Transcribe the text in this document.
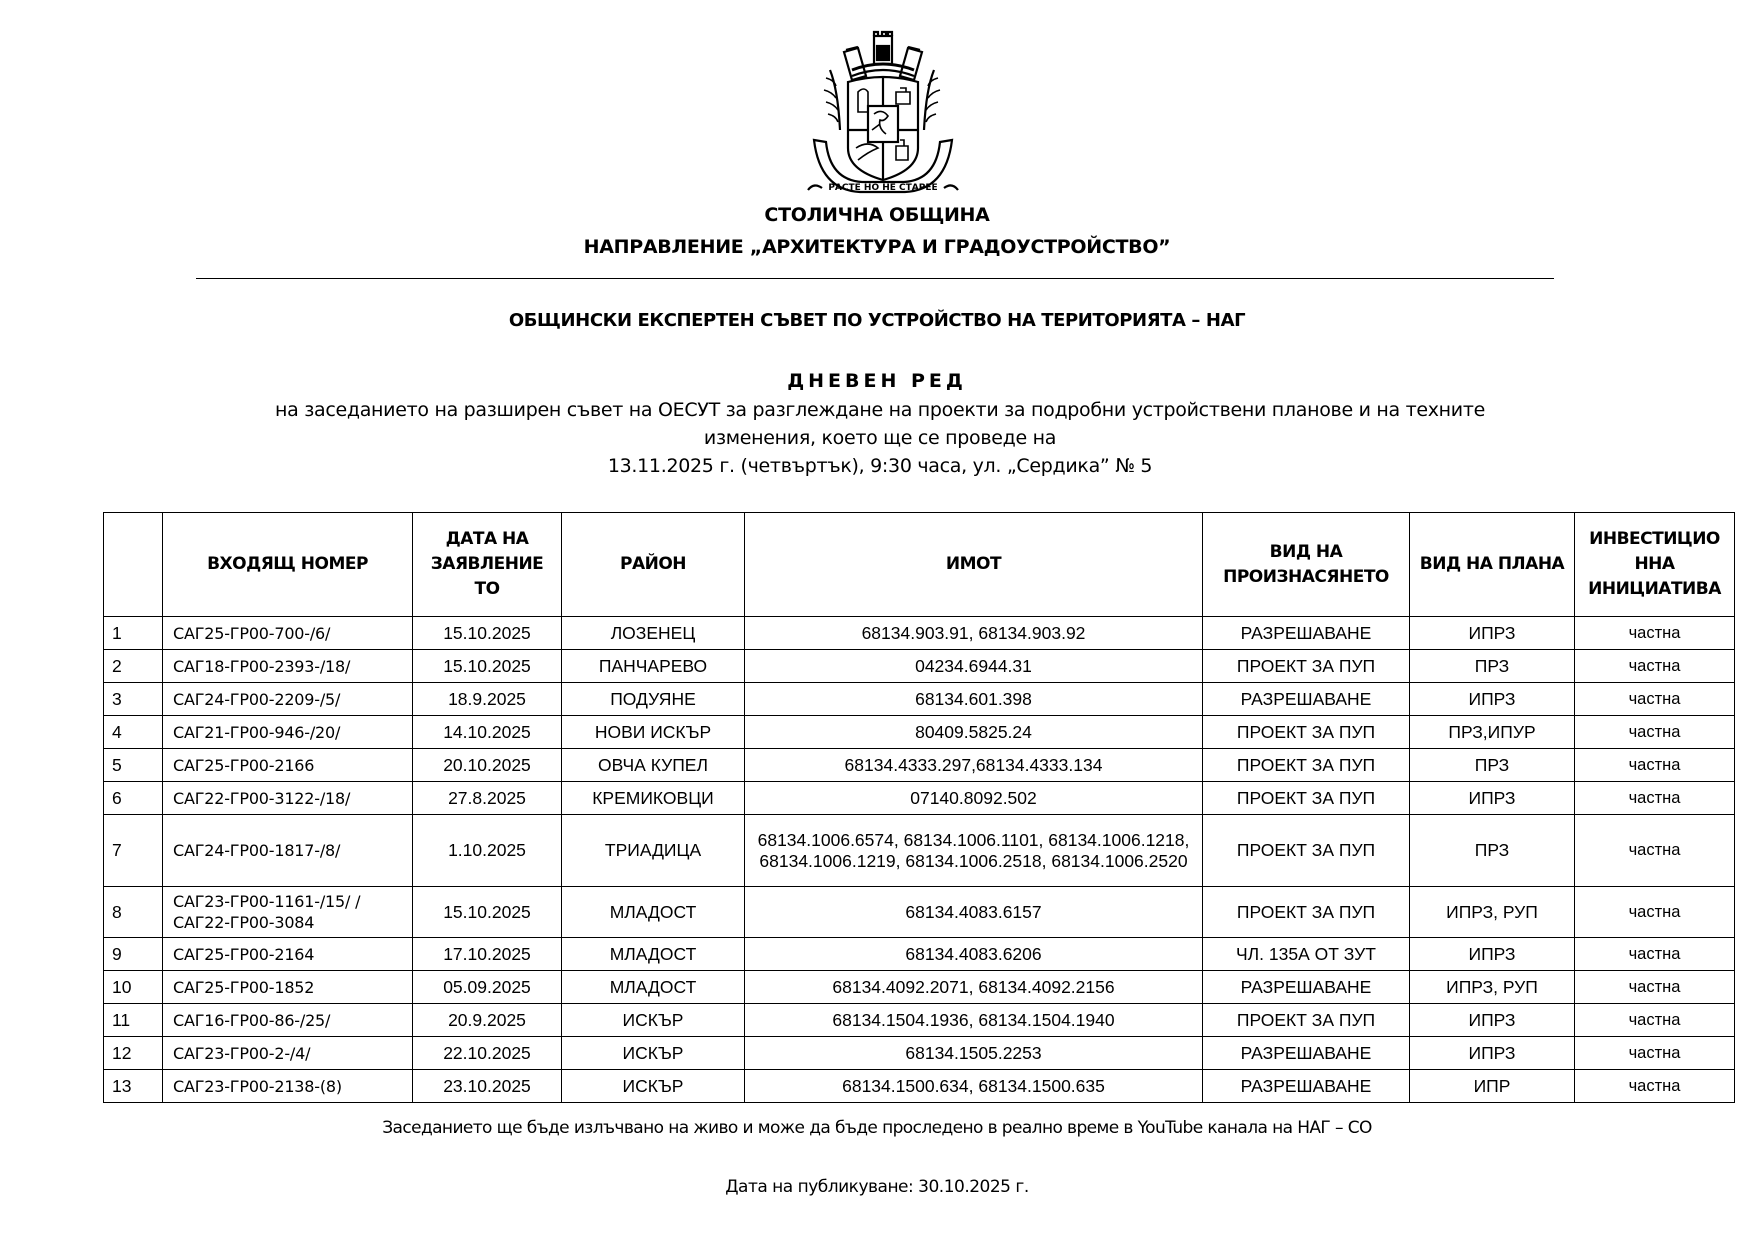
РАСТЕ НО НЕ СТАРЕЕ
СТОЛИЧНА ОБЩИНА
НАПРАВЛЕНИЕ „АРХИТЕКТУРА И ГРАДОУСТРОЙСТВО”
ОБЩИНСКИ ЕКСПЕРТЕН СЪВЕТ ПО УСТРОЙСТВО НА ТЕРИТОРИЯТА – НАГ
ДНЕВЕН РЕД
на заседанието на разширен съвет на ОЕСУТ за разглеждане на проекти за подробни устройствени планове и на техните
изменения, което ще се проведе на
13.11.2025 г. (четвъртък), 9:30 часа, ул. „Сердика” № 5
	ВХОДЯЩ НОМЕР	ДАТА НА ЗАЯВЛЕНИЕ ТО	РАЙОН	ИМОТ	ВИД НА ПРОИЗНАСЯНЕТО	ВИД НА ПЛАНА	ИНВЕСТИЦИО ННА ИНИЦИАТИВА
1	САГ25-ГР00-700-/6/	15.10.2025	ЛОЗЕНЕЦ	68134.903.91, 68134.903.92	РАЗРЕШАВАНЕ	ИПРЗ	частна
2	САГ18-ГР00-2393-/18/	15.10.2025	ПАНЧАРЕВО	04234.6944.31	ПРОЕКТ ЗА ПУП	ПРЗ	частна
3	САГ24-ГР00-2209-/5/	18.9.2025	ПОДУЯНЕ	68134.601.398	РАЗРЕШАВАНЕ	ИПРЗ	частна
4	САГ21-ГР00-946-/20/	14.10.2025	НОВИ ИСКЪР	80409.5825.24	ПРОЕКТ ЗА ПУП	ПРЗ,ИПУР	частна
5	САГ25-ГР00-2166	20.10.2025	ОВЧА КУПЕЛ	68134.4333.297,68134.4333.134	ПРОЕКТ ЗА ПУП	ПРЗ	частна
6	САГ22-ГР00-3122-/18/	27.8.2025	КРЕМИКОВЦИ	07140.8092.502	ПРОЕКТ ЗА ПУП	ИПРЗ	частна
7	САГ24-ГР00-1817-/8/	1.10.2025	ТРИАДИЦА	68134.1006.6574, 68134.1006.1101, 68134.1006.1218, 68134.1006.1219, 68134.1006.2518, 68134.1006.2520	ПРОЕКТ ЗА ПУП	ПРЗ	частна
8	САГ23-ГР00-1161-/15/ /САГ22-ГР00-3084	15.10.2025	МЛАДОСТ	68134.4083.6157	ПРОЕКТ ЗА ПУП	ИПРЗ, РУП	частна
9	САГ25-ГР00-2164	17.10.2025	МЛАДОСТ	68134.4083.6206	ЧЛ. 135А ОТ ЗУТ	ИПРЗ	частна
10	САГ25-ГР00-1852	05.09.2025	МЛАДОСТ	68134.4092.2071, 68134.4092.2156	РАЗРЕШАВАНЕ	ИПРЗ, РУП	частна
11	САГ16-ГР00-86-/25/	20.9.2025	ИСКЪР	68134.1504.1936, 68134.1504.1940	ПРОЕКТ ЗА ПУП	ИПРЗ	частна
12	САГ23-ГР00-2-/4/	22.10.2025	ИСКЪР	68134.1505.2253	РАЗРЕШАВАНЕ	ИПРЗ	частна
13	САГ23-ГР00-2138-(8)	23.10.2025	ИСКЪР	68134.1500.634, 68134.1500.635	РАЗРЕШАВАНЕ	ИПР	частна
Заседанието ще бъде излъчвано на живо и може да бъде проследено в реално време в YouTube канала на НАГ – СО
Дата на публикуване: 30.10.2025 г.
